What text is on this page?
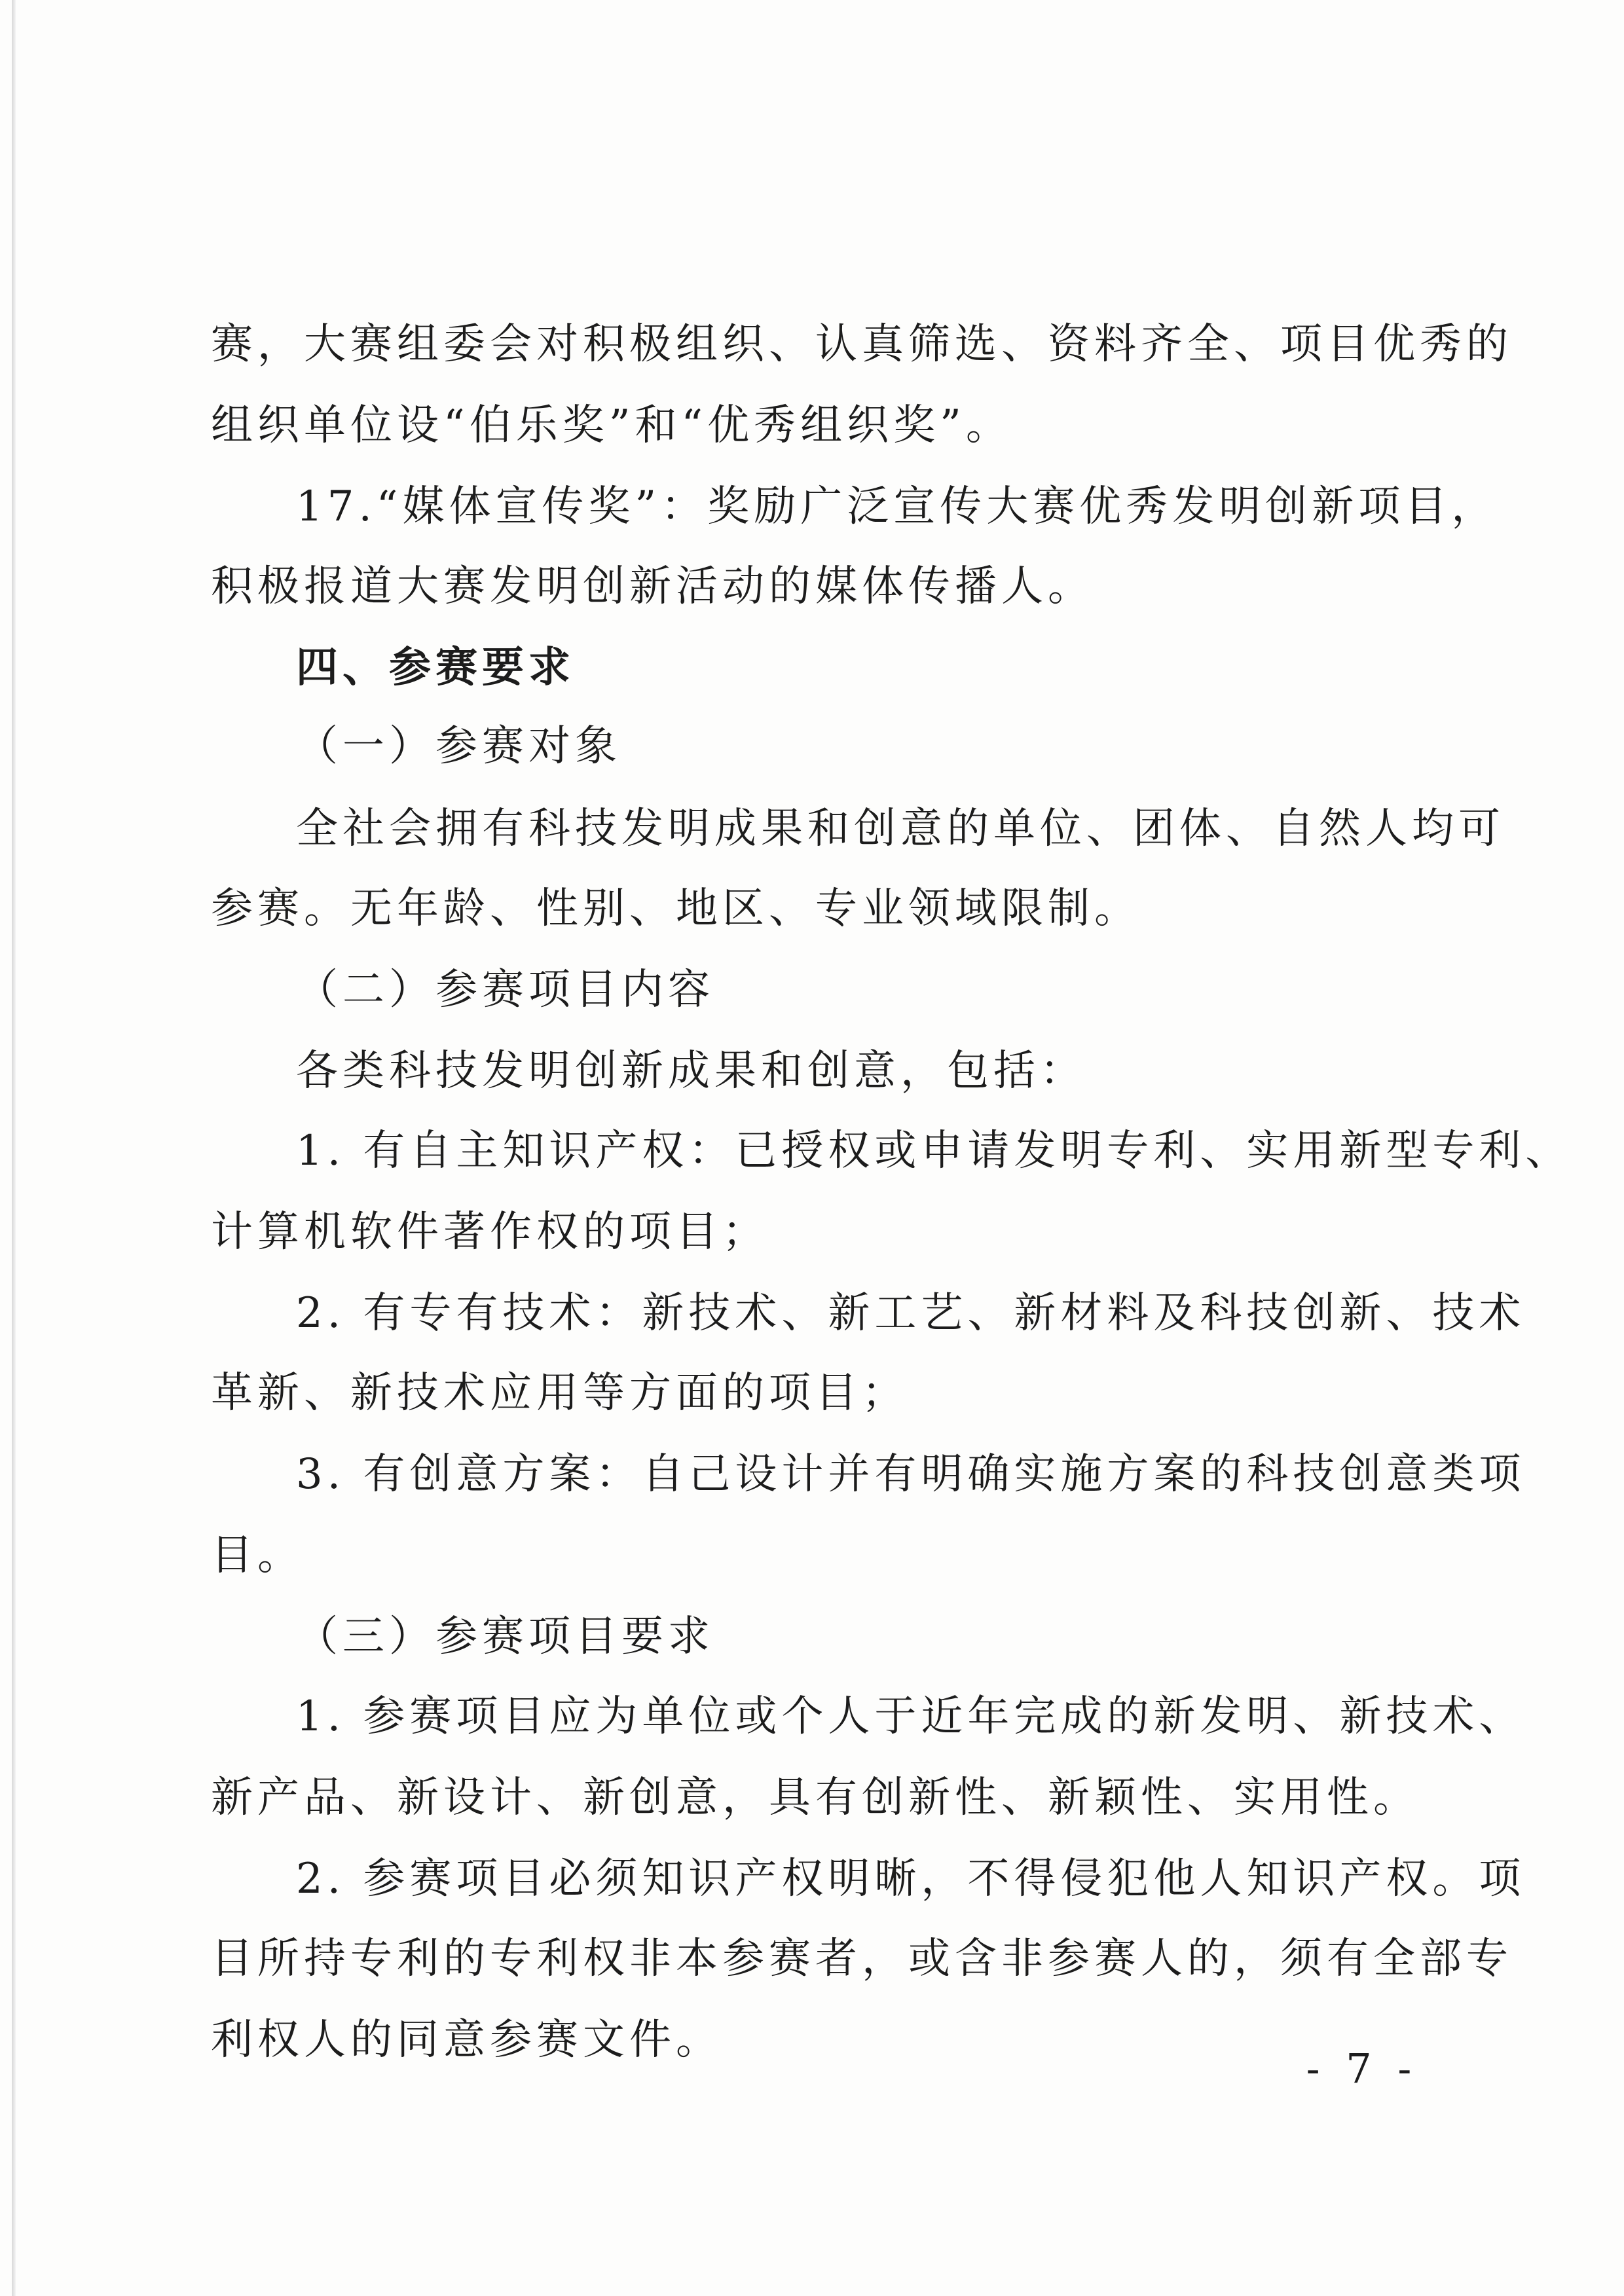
赛，大赛组委会对积极组织、认真筛选、资料齐全、项目优秀的
组织单位设“伯乐奖”和“优秀组织奖”。
17.“媒体宣传奖”：奖励广泛宣传大赛优秀发明创新项目，
积极报道大赛发明创新活动的媒体传播人。
四、参赛要求
（一）参赛对象
全社会拥有科技发明成果和创意的单位、团体、自然人均可
参赛。无年龄、性别、地区、专业领域限制。
（二）参赛项目内容
各类科技发明创新成果和创意，包括：
1. 有自主知识产权：已授权或申请发明专利、实用新型专利、
计算机软件著作权的项目；
2. 有专有技术：新技术、新工艺、新材料及科技创新、技术
革新、新技术应用等方面的项目；
3. 有创意方案：自己设计并有明确实施方案的科技创意类项
目。
（三）参赛项目要求
1. 参赛项目应为单位或个人于近年完成的新发明、新技术、
新产品、新设计、新创意，具有创新性、新颖性、实用性。
2. 参赛项目必须知识产权明晰，不得侵犯他人知识产权。项
目所持专利的专利权非本参赛者，或含非参赛人的，须有全部专
利权人的同意参赛文件。
- 7 -
